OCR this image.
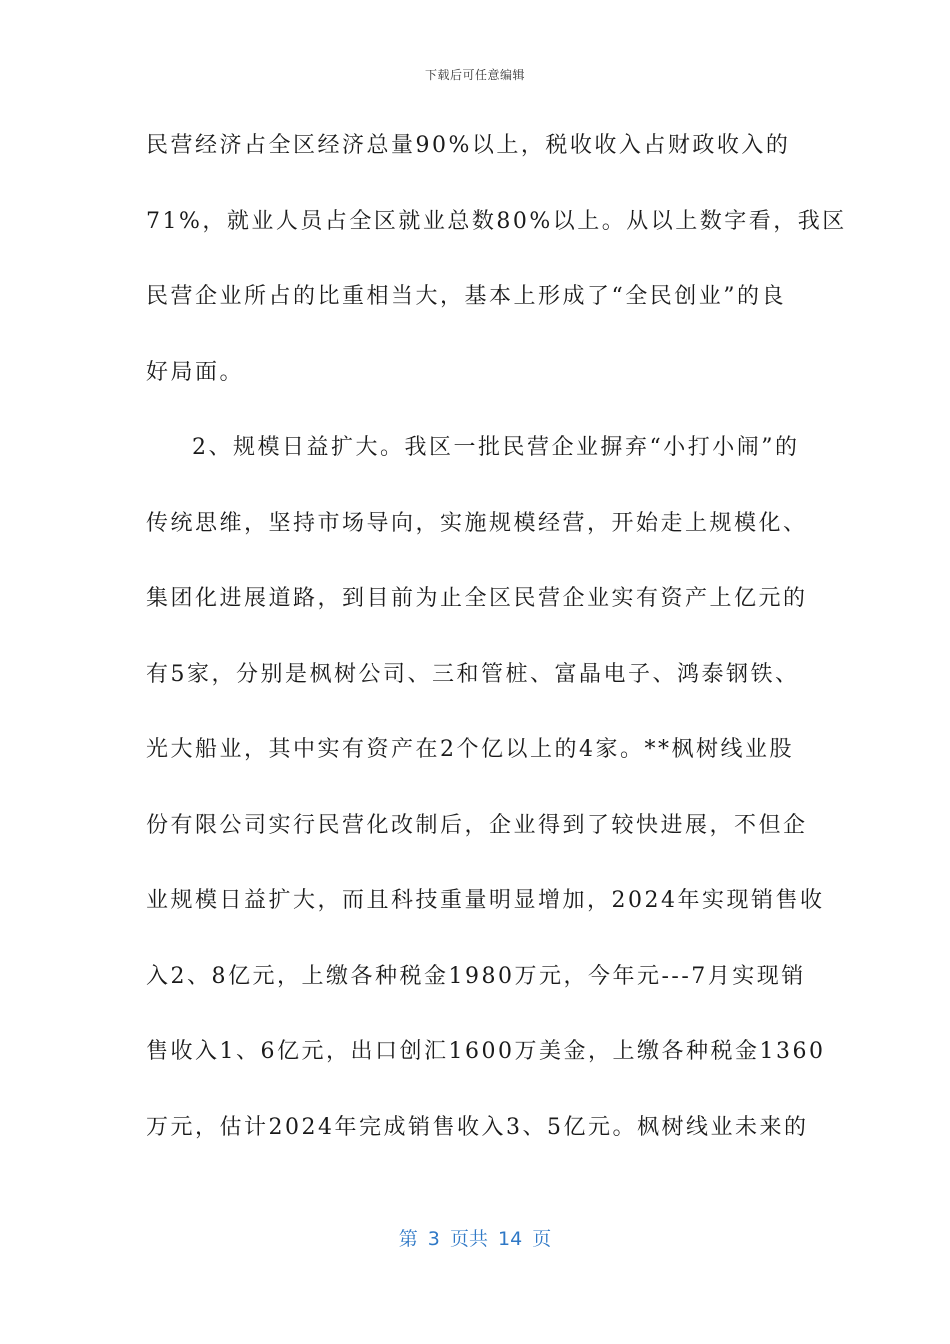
下载后可任意编辑
民营经济占全区经济总量90%以上，税收收入占财政收入的
71%，就业人员占全区就业总数80%以上。从以上数字看，我区
民营企业所占的比重相当大，基本上形成了“全民创业”的良
好局面。
2、规模日益扩大。我区一批民营企业摒弃“小打小闹”的
传统思维，坚持市场导向，实施规模经营，开始走上规模化、
集团化进展道路，到目前为止全区民营企业实有资产上亿元的
有5家，分别是枫树公司、三和管桩、富晶电子、鸿泰钢铁、
光大船业，其中实有资产在2个亿以上的4家。**枫树线业股
份有限公司实行民营化改制后，企业得到了较快进展，不但企
业规模日益扩大，而且科技重量明显增加，2024年实现销售收
入2、8亿元，上缴各种税金1980万元，今年元---7月实现销
售收入1、6亿元，出口创汇1600万美金，上缴各种税金1360
万元，估计2024年完成销售收入3、5亿元。枫树线业未来的
第 3 页共 14 页
